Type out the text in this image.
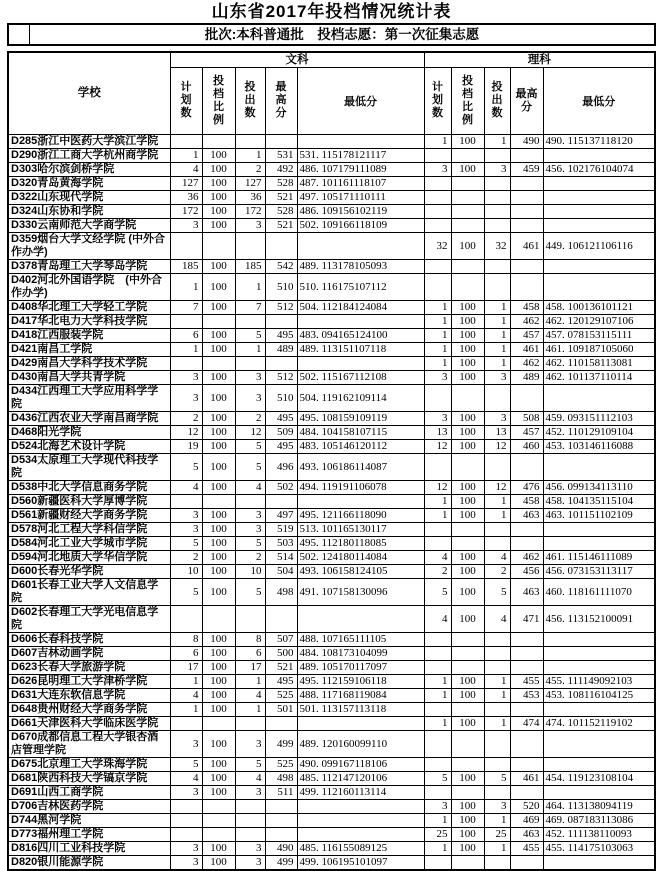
山东省2017年投档情况统计表
批次:本科普通批　投档志愿：第一次征集志愿
学校	文科					理科				
	计划数	投档比例	投出数	最高分	最低分	计划数	投档比例	投出数	最高分	最低分
D285浙江中医药大学滨江学院						1	100	1	490	490. 115137118120
D290浙江工商大学杭州商学院	1	100	1	531	531. 115178121117					
D303哈尔滨剑桥学院	4	100	2	492	486. 107179111089	3	100	3	459	456. 102176104074
D320青岛黄海学院	127	100	127	528	487. 101161118107					
D322山东现代学院	36	100	36	521	497. 105171110111					
D324山东协和学院	172	100	172	528	486. 109156102119					
D330云南师范大学商学院	3	100	3	521	502. 109166118109					
D359烟台大学文经学院 (中外合作办学)						32	100	32	461	449. 106121106116
D378青岛理工大学琴岛学院	185	100	185	542	489. 113178105093					
D402河北外国语学院　(中外合作办学)	1	100	1	510	510. 116175107112					
D408华北理工大学轻工学院	7	100	7	512	504. 112184124084	1	100	1	458	458. 100136101121
D417华北电力大学科技学院						1	100	1	462	462. 120129107106
D418江西服装学院	6	100	5	495	483. 094165124100	1	100	1	457	457. 078153115111
D421南昌工学院	1	100	1	489	489. 113151107118	1	100	1	461	461. 109187105060
D429南昌大学科学技术学院						1	100	1	462	462. 110158113081
D430南昌大学共青学院	3	100	3	512	502. 115167112108	3	100	3	489	462. 101137110114
D434江西理工大学应用科学学院	3	100	3	510	504. 119162109114					
D436江西农业大学南昌商学院	2	100	2	495	495. 108159109119	3	100	3	508	459. 093151112103
D468阳光学院	12	100	12	509	484. 104158107115	13	100	13	457	452. 110129109104
D524北海艺术设计学院	19	100	5	495	483. 105146120112	12	100	12	460	453. 103146116088
D534太原理工大学现代科技学院	5	100	5	496	493. 106186114087					
D538中北大学信息商务学院	4	100	4	502	494. 119191106078	12	100	12	476	456. 099134113110
D560新疆医科大学厚博学院						1	100	1	458	458. 104135115104
D561新疆财经大学商务学院	3	100	3	497	495. 121166118090	1	100	1	463	463. 101151102109
D578河北工程大学科信学院	3	100	3	519	513. 101165130117					
D584河北工业大学城市学院	5	100	5	503	495. 112180118085					
D594河北地质大学华信学院	2	100	2	514	502. 124180114084	4	100	4	462	461. 115146111089
D600长春光华学院	10	100	10	504	493. 106158124105	2	100	2	456	456. 073153113117
D601长春工业大学人文信息学院	5	100	5	498	491. 107158130096	5	100	5	463	460. 118161111070
D602长春理工大学光电信息学院						4	100	4	471	456. 113152100091
D606长春科技学院	8	100	8	507	488. 107165111105					
D607吉林动画学院	6	100	6	500	484. 108173104099					
D623长春大学旅游学院	17	100	17	521	489. 105170117097					
D626昆明理工大学津桥学院	1	100	1	495	495. 112159106118	1	100	1	455	455. 111149092103
D631大连东软信息学院	4	100	4	525	488. 117168119084	1	100	1	453	453. 108116104125
D648贵州财经大学商务学院	1	100	1	501	501. 113157113118					
D661天津医科大学临床医学院						1	100	1	474	474. 101152119102
D670成都信息工程大学银杏酒店管理学院	3	100	3	499	489. 120160099110					
D675北京理工大学珠海学院	5	100	5	525	490. 099167118106					
D681陕西科技大学镐京学院	4	100	4	498	485. 112147120106	5	100	5	461	454. 119123108104
D691山西工商学院	3	100	3	511	499. 112160113114					
D706吉林医药学院						3	100	3	520	464. 113138094119
D744黑河学院						1	100	1	469	469. 087183113086
D773福州理工学院						25	100	25	463	452. 111138110093
D816四川工业科技学院	3	100	3	490	485. 116155089125	1	100	1	455	455. 114175103063
D820银川能源学院	3	100	3	499	499. 106195101097					
